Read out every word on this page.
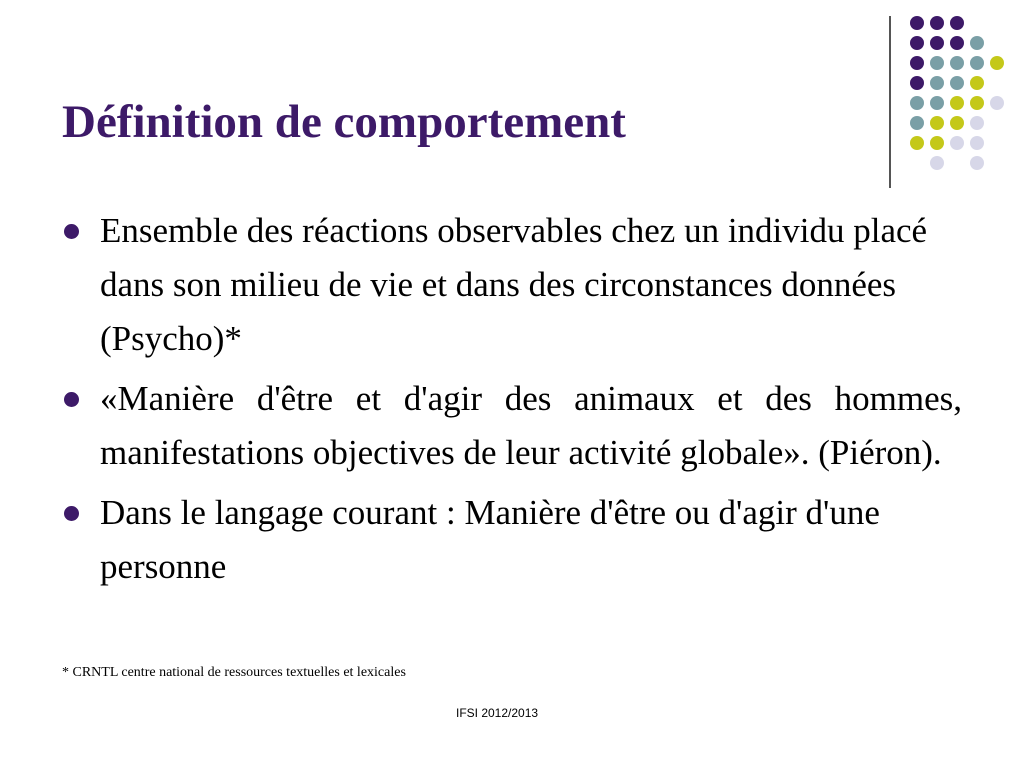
Définition de comportement
Ensemble des réactions observables chez un individu placé dans son milieu de vie et dans des circonstances données (Psycho)*
«Manière d'être et d'agir des animaux et des hommes, manifestations objectives de leur activité globale». (Piéron).
Dans le langage courant : Manière d'être ou d'agir d'une personne
* CRNTL centre national de ressources textuelles et lexicales
IFSI 2012/2013
